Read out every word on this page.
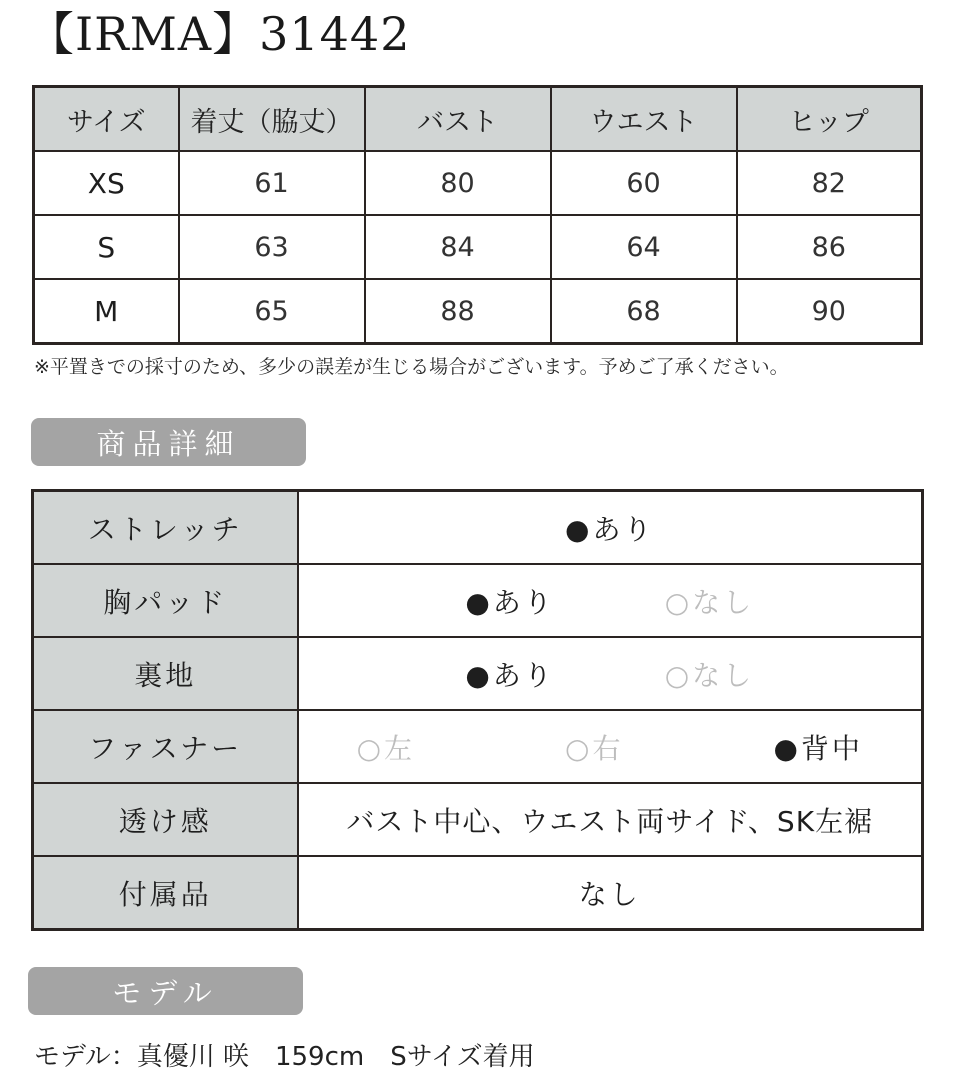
【IRMA】31442
サイズ	着丈（脇丈）	バスト	ウエスト	ヒップ
XS	61	80	60	82
S	63	84	64	86
M	65	88	68	90
※平置きでの採寸のため、多少の誤差が生じる場合がございます。予めご了承ください。
商品詳細
ストレッチ	●あり

胸パッド	●あり ○なし

裏地	●あり ○なし

ファスナー	○左 ○右 ●背中

透け感	バスト中心、ウエスト両サイド、SK左裾
付属品	なし
モデル
モデル：真優川 咲　159cm　Sサイズ着用
